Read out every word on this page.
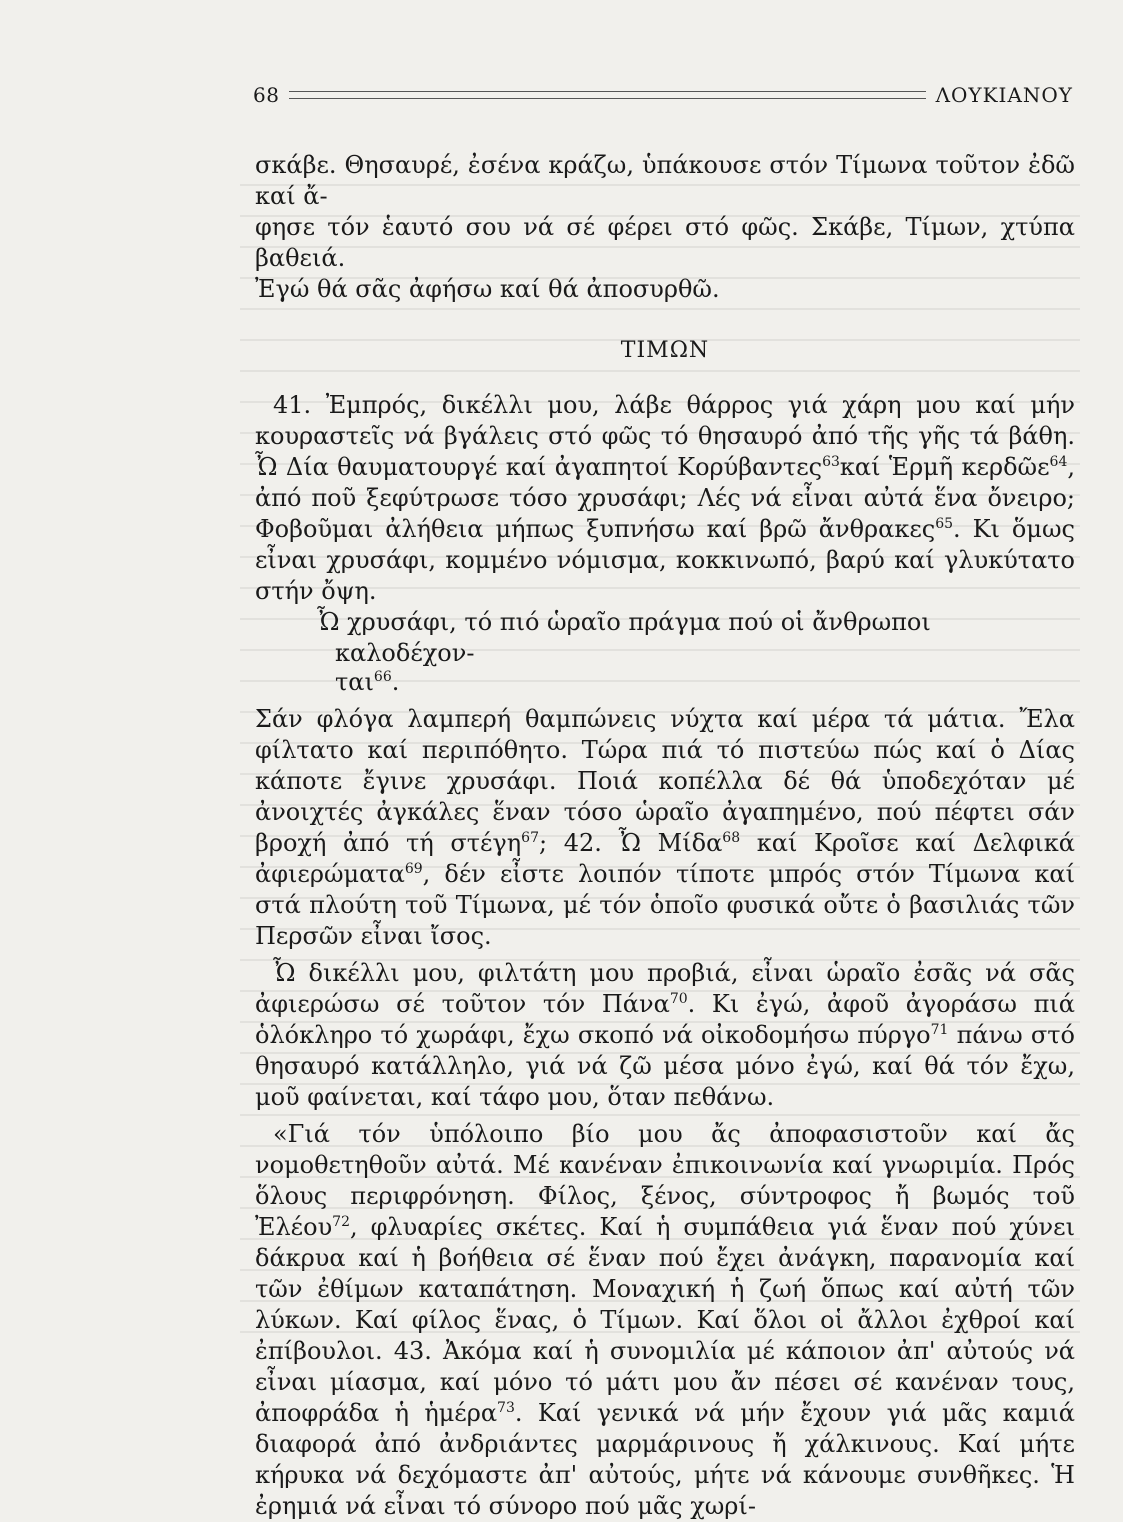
68	ΛΟΥΚΙΑΝΟΥ

σκάβε. Θησαυρέ, ἐσένα κράζω, ὑπάκουσε στόν Τίμωνα τοῦτον ἐδῶ καί ἄ-

φησε τόν ἑαυτό σου νά σέ φέρει στό φῶς. Σκάβε, Τίμων, χτύπα βαθειά.

Ἐγώ θά σᾶς ἀφήσω καί θά ἀποσυρθῶ.

ΤΙΜΩΝ

41. Ἐμπρός, δικέλλι μου, λάβε θάρρος γιά χάρη μου καί μήν κουραστεῖς νά βγάλεις στό φῶς τό θησαυρό ἀπό τῆς γῆς τά βάθη. Ὦ Δία θαυματουργέ καί ἀγαπητοί Κορύβαντες$^{63}$καί Ἑρμῆ κερδῶε$^{64}$, ἀπό ποῦ ξεφύτρωσε τόσο χρυσάφι; Λές νά εἶναι αὐτά ἕνα ὄνειρο; Φοβοῦμαι ἀλήθεια μήπως ξυπνήσω καί βρῶ ἄνθρακες$^{65}$. Κι ὅμως εἶναι χρυσάφι, κομμένο νόμισμα, κοκκινωπό, βαρύ καί γλυκύτατο στήν ὄψη.

Ὦ χρυσάφι, τό πιό ὡραῖο πράγμα πού οἱ ἄνθρωποι καλοδέχον-

ται$^{66}$.

Σάν φλόγα λαμπερή θαμπώνεις νύχτα καί μέρα τά μάτια. Ἔλα φίλτατο καί περιπόθητο. Τώρα πιά τό πιστεύω πώς καί ὁ Δίας κάποτε ἔγινε χρυσάφι. Ποιά κοπέλλα δέ θά ὑποδεχόταν μέ ἀνοιχτές ἀγκάλες ἕναν τόσο ὡραῖο ἀγαπημένο, πού πέφτει σάν βροχή ἀπό τή στέγη$^{67}$; 42. Ὦ Μίδα$^{68}$ καί Κροῖσε καί Δελφικά ἀφιερώματα$^{69}$, δέν εἶστε λοιπόν τίποτε μπρός στόν Τίμωνα καί στά πλούτη τοῦ Τίμωνα, μέ τόν ὁποῖο φυσικά οὔτε ὁ βασιλιάς τῶν Περσῶν εἶναι ἴσος.

Ὦ δικέλλι μου, φιλτάτη μου προβιά, εἶναι ὡραῖο ἐσᾶς νά σᾶς ἀφιερώσω σέ τοῦτον τόν Πάνα$^{70}$. Κι ἐγώ, ἀφοῦ ἀγοράσω πιά ὁλόκληρο τό χωράφι, ἔχω σκοπό νά οἰκοδομήσω πύργο$^{71}$ πάνω στό θησαυρό κατάλληλο, γιά νά ζῶ μέσα μόνο ἐγώ, καί θά τόν ἔχω, μοῦ φαίνεται, καί τάφο μου, ὅταν πεθάνω.

«Γιά τόν ὑπόλοιπο βίο μου ἄς ἀποφασιστοῦν καί ἄς νομοθετηθοῦν αὐτά. Μέ κανέναν ἐπικοινωνία καί γνωριμία. Πρός ὅλους περιφρόνηση. Φίλος, ξένος, σύντροφος ἤ βωμός τοῦ Ἐλέου$^{72}$, φλυαρίες σκέτες. Καί ἡ συμπάθεια γιά ἕναν πού χύνει δάκρυα καί ἡ βοήθεια σέ ἕναν πού ἔχει ἀνάγκη, παρανομία καί τῶν ἐθίμων καταπάτηση. Μοναχική ἡ ζωή ὅπως καί αὐτή τῶν λύκων. Καί φίλος ἕνας, ὁ Τίμων. Καί ὅλοι οἱ ἄλλοι ἐχθροί καί ἐπίβουλοι. 43. Ἀκόμα καί ἡ συνομιλία μέ κάποιον ἀπ' αὐτούς νά εἶναι μίασμα, καί μόνο τό μάτι μου ἄν πέσει σέ κανέναν τους, ἀποφράδα ἡ ἡμέρα$^{73}$. Καί γενικά νά μήν ἔχουν γιά μᾶς καμιά διαφορά ἀπό ἀνδριάντες μαρμάρινους ἤ χάλκινους. Καί μήτε κήρυκα νά δεχόμαστε ἀπ' αὐτούς, μήτε νά κάνουμε συνθῆκες. Ἡ ἐρημιά νά εἶναι τό σύνορο πού μᾶς χωρί-
